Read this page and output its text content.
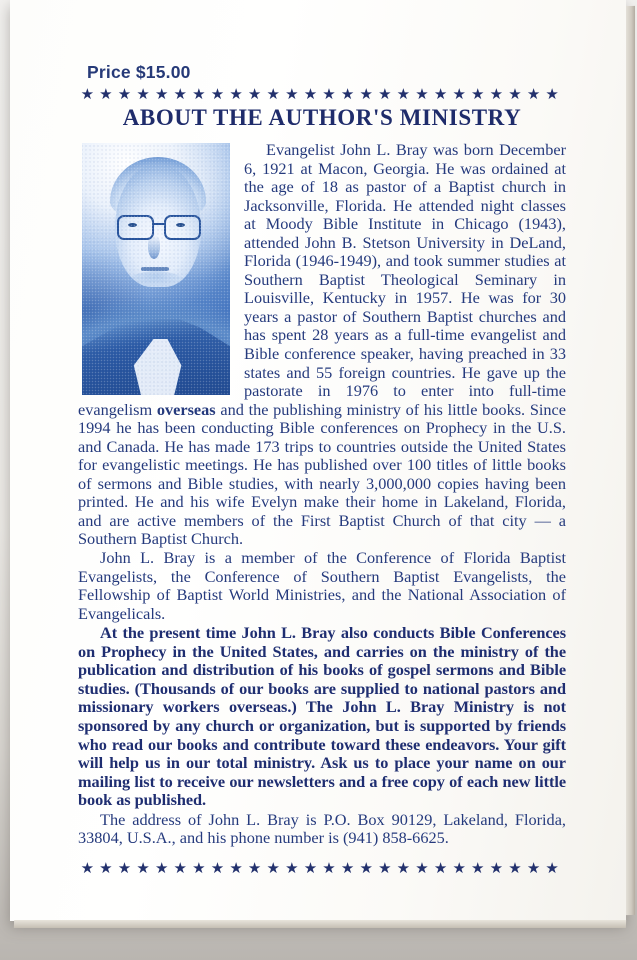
Price $15.00
★ ★ ★ ★ ★ ★ ★ ★ ★ ★ ★ ★ ★ ★ ★ ★ ★ ★ ★ ★ ★ ★ ★ ★ ★ ★
ABOUT THE AUTHOR'S MINISTRY

Evangelist John L. Bray was born December 6, 1921 at Macon, Georgia. He was ordained at the age of 18 as pastor of a Baptist church in Jacksonville, Florida. He attended night classes at Moody Bible Institute in Chicago (1943), attended John B. Stetson University in DeLand, Florida (1946-1949), and took summer studies at Southern Baptist Theological Seminary in Louisville, Kentucky in 1957. He was for 30 years a pastor of Southern Baptist churches and has spent 28 years as a full-time evangelist and Bible conference speaker, having preached in 33 states and 55 foreign countries. He gave up the pastorate in 1976 to enter into full-time evangelism overseas and the publishing ministry of his little books. Since 1994 he has been conducting Bible conferences on Prophecy in the U.S. and Canada. He has made 173 trips to countries outside the United States for evangelistic meetings. He has published over 100 titles of little books of sermons and Bible studies, with nearly 3,000,000 copies having been printed. He and his wife Evelyn make their home in Lakeland, Florida, and are active members of the First Baptist Church of that city — a Southern Baptist Church.

John L. Bray is a member of the Conference of Florida Baptist Evangelists, the Conference of Southern Baptist Evangelists, the Fellowship of Baptist World Ministries, and the National Association of Evangelicals.

At the present time John L. Bray also conducts Bible Conferences on Prophecy in the United States, and carries on the ministry of the publication and distribution of his books of gospel sermons and Bible studies. (Thousands of our books are supplied to national pastors and missionary workers overseas.) The John L. Bray Ministry is not sponsored by any church or organization, but is supported by friends who read our books and contribute toward these endeavors. Your gift will help us in our total ministry. Ask us to place your name on our mailing list to receive our newsletters and a free copy of each new little book as published.

The address of John L. Bray is P.O. Box 90129, Lakeland, Florida, 33804, U.S.A., and his phone number is (941) 858-6625.

★ ★ ★ ★ ★ ★ ★ ★ ★ ★ ★ ★ ★ ★ ★ ★ ★ ★ ★ ★ ★ ★ ★ ★ ★ ★
